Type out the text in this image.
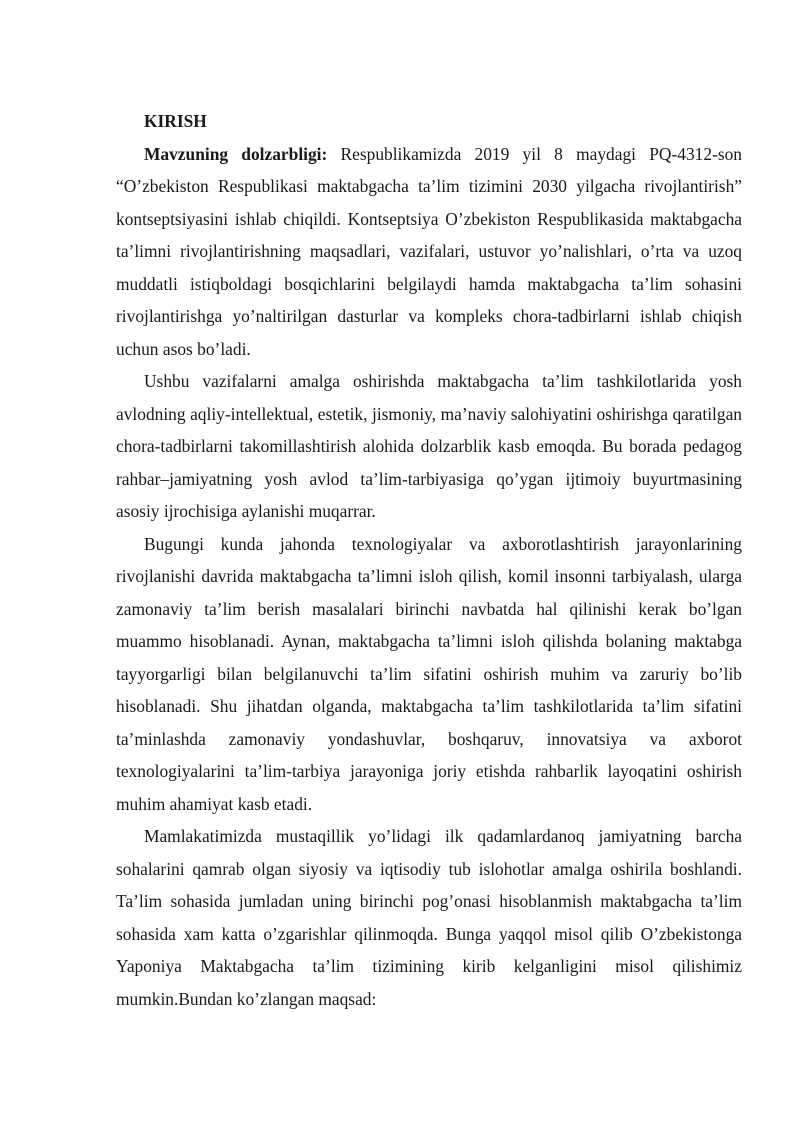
KIRISH

Mavzuning dolzarbligi: Respublikamizda 2019 yil 8 maydagi PQ-4312-son “O’zbekiston Respublikasi maktabgacha ta’lim tizimini 2030 yilgacha rivojlantirish” kontseptsiyasini ishlab chiqildi. Kontseptsiya O’zbekiston Respublikasida maktabgacha ta’limni rivojlantirishning maqsadlari, vazifalari, ustuvor yo’nalishlari, o’rta va uzoq muddatli istiqboldagi bosqichlarini belgilaydi hamda maktabgacha ta’lim sohasini rivojlantirishga yo’naltirilgan dasturlar va kompleks chora-tadbirlarni ishlab chiqish uchun asos bo’ladi.

Ushbu vazifalarni amalga oshirishda maktabgacha ta’lim tashkilotlarida yosh avlodning aqliy-intellektual, estetik, jismoniy, ma’naviy salohiyatini oshirishga qaratilgan chora-tadbirlarni takomillashtirish alohida dolzarblik kasb emoqda. Bu borada pedagog rahbar–jamiyatning yosh avlod ta’lim-tarbiyasiga qo’ygan ijtimoiy buyurtmasining asosiy ijrochisiga aylanishi muqarrar.

Bugungi kunda jahonda texnologiyalar va axborotlashtirish jarayonlarining rivojlanishi davrida maktabgacha ta’limni isloh qilish, komil insonni tarbiyalash, ularga zamonaviy ta’lim berish masalalari birinchi navbatda hal qilinishi kerak bo’lgan muammo hisoblanadi. Aynan, maktabgacha ta’limni isloh qilishda bolaning maktabga tayyorgarligi bilan belgilanuvchi ta’lim sifatini oshirish muhim va zaruriy bo’lib hisoblanadi. Shu jihatdan olganda, maktabgacha ta’lim tashkilotlarida ta’lim sifatini ta’minlashda zamonaviy yondashuvlar, boshqaruv, innovatsiya va axborot texnologiyalarini ta’lim-tarbiya jarayoniga joriy etishda rahbarlik layoqatini oshirish muhim ahamiyat kasb etadi.

Mamlakatimizda mustaqillik yo’lidagi ilk qadamlardanoq jamiyatning barcha sohalarini qamrab olgan siyosiy va iqtisodiy tub islohotlar amalga oshirila boshlandi. Ta’lim sohasida jumladan uning birinchi pog’onasi hisoblanmish maktabgacha ta’lim sohasida xam katta o’zgarishlar qilinmoqda. Bunga yaqqol misol qilib O’zbekistonga Yaponiya Maktabgacha ta’lim tizimining kirib kelganligini misol qilishimiz mumkin.Bundan ko’zlangan maqsad:
